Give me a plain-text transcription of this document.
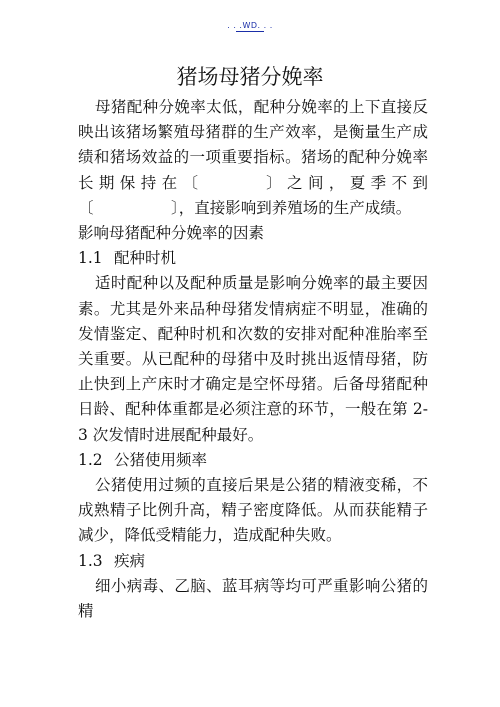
. . .WD. . .
猪场母猪分娩率

母猪配种分娩率太低，配种分娩率的上下直接反映出该猪场繁殖母猪群的生产效率，是衡量生产成绩和猪场效益的一项重要指标。猪场的配种分娩率长期保持在〔　　　〕之间，夏季不到〔　　　　　〕，直接影响到养殖场的生产成绩。

影响母猪配种分娩率的因素

1.1 配种时机

适时配种以及配种质量是影响分娩率的最主要因素。尤其是外来品种母猪发情病症不明显，准确的发情鉴定、配种时机和次数的安排对配种准胎率至关重要。从已配种的母猪中及时挑出返情母猪，防止快到上产床时才确定是空怀母猪。后备母猪配种日龄、配种体重都是必须注意的环节，一般在第 2-3 次发情时进展配种最好。

1.2 公猪使用频率

公猪使用过频的直接后果是公猪的精液变稀，不成熟精子比例升高，精子密度降低。从而获能精子减少，降低受精能力，造成配种失败。

1.3 疾病

细小病毒、乙脑、蓝耳病等均可严重影响公猪的精
